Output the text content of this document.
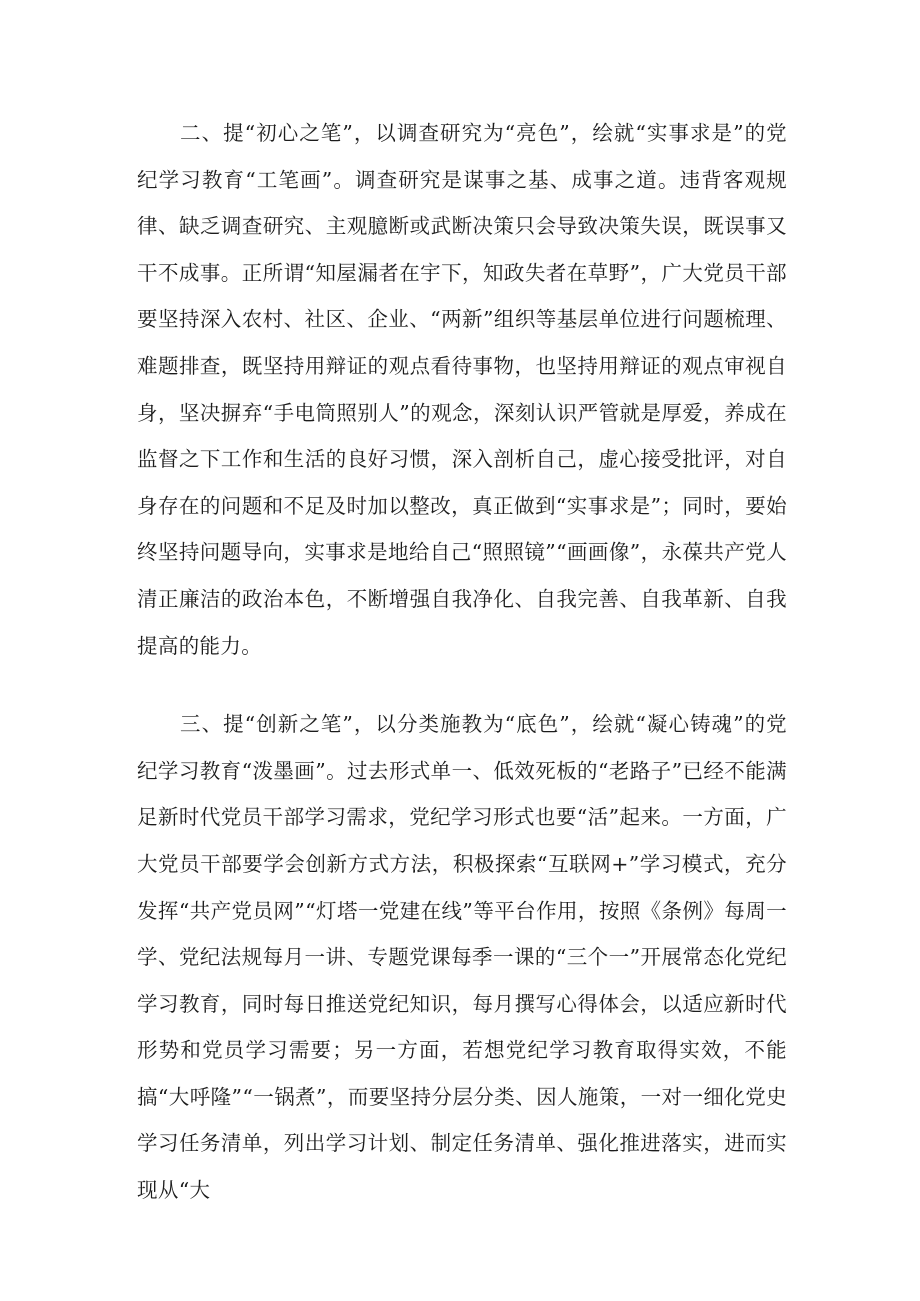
二、提“初心之笔”，以调查研究为“亮色”，绘就“实事求是”的党纪学习教育“工笔画”。调查研究是谋事之基、成事之道。违背客观规律、缺乏调查研究、主观臆断或武断决策只会导致决策失误，既误事又干不成事。正所谓“知屋漏者在宇下，知政失者在草野”，广大党员干部要坚持深入农村、社区、企业、“两新”组织等基层单位进行问题梳理、难题排查，既坚持用辩证的观点看待事物，也坚持用辩证的观点审视自身，坚决摒弃“手电筒照别人”的观念，深刻认识严管就是厚爱，养成在监督之下工作和生活的良好习惯，深入剖析自己，虚心接受批评，对自身存在的问题和不足及时加以整改，真正做到“实事求是”；同时，要始终坚持问题导向，实事求是地给自己“照照镜”“画画像”，永葆共产党人清正廉洁的政治本色，不断增强自我净化、自我完善、自我革新、自我提高的能力。

三、提“创新之笔”，以分类施教为“底色”，绘就“凝心铸魂”的党纪学习教育“泼墨画”。过去形式单一、低效死板的“老路子”已经不能满足新时代党员干部学习需求，党纪学习形式也要“活”起来。一方面，广大党员干部要学会创新方式方法，积极探索“互联网+”学习模式，充分发挥“共产党员网”“灯塔一党建在线”等平台作用，按照《条例》每周一学、党纪法规每月一讲、专题党课每季一课的“三个一”开展常态化党纪学习教育，同时每日推送党纪知识，每月撰写心得体会，以适应新时代形势和党员学习需要；另一方面，若想党纪学习教育取得实效，不能搞“大呼隆”“一锅煮”，而要坚持分层分类、因人施策，一对一细化党史学习任务清单，列出学习计划、制定任务清单、强化推进落实，进而实现从“大
